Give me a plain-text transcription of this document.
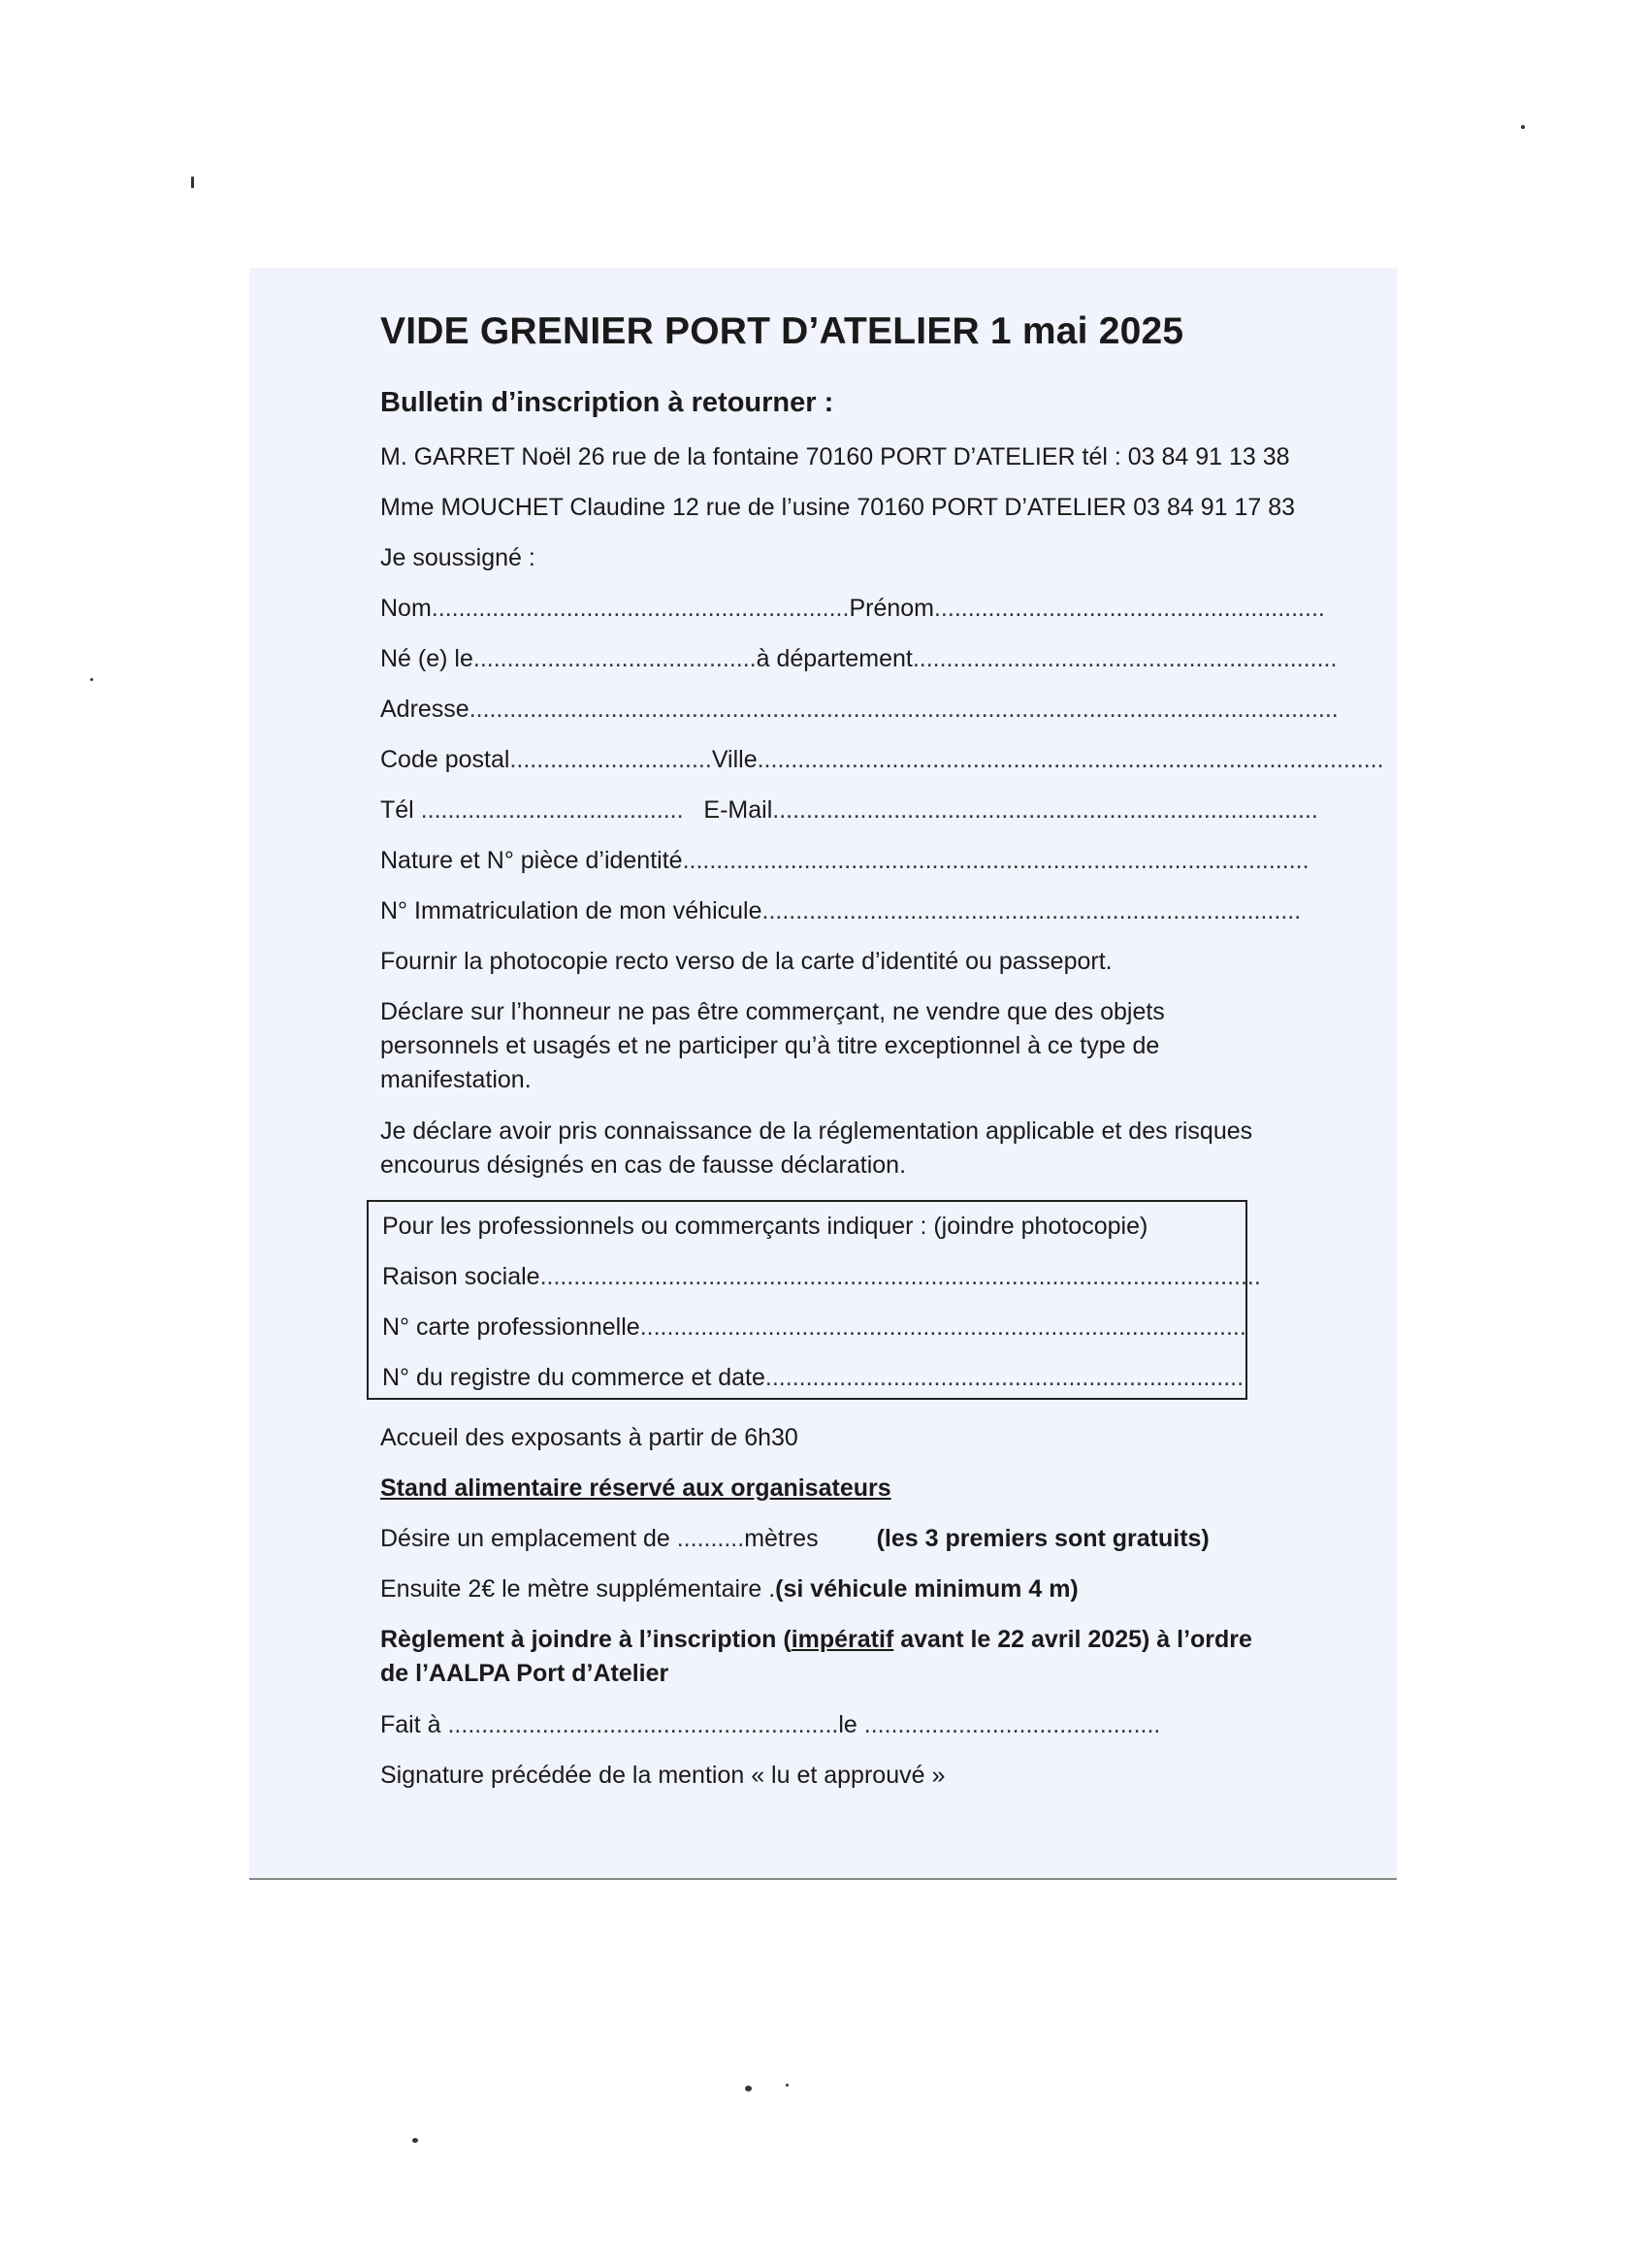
VIDE GRENIER PORT D’ATELIER 1 mai 2025
Bulletin d’inscription à retourner :
M. GARRET Noël 26 rue de la fontaine 70160 PORT D’ATELIER tél : 03 84 91 13 38
Mme MOUCHET Claudine 12 rue de l’usine 70160 PORT D’ATELIER 03 84 91 17 83
Je soussigné :
Nom..............................................................Prénom..........................................................
Né (e) le..........................................à département...............................................................
Adresse.................................................................................................................................
Code postal..............................Ville.............................................................................................
Tél ....................................... E-Mail.................................................................................
Nature et N° pièce d’identité.............................................................................................
N° Immatriculation de mon véhicule................................................................................
Fournir la photocopie recto verso de la carte d’identité ou passeport.
Déclare sur l’honneur ne pas être commerçant, ne vendre que des objets personnels et usagés et ne participer qu’à titre exceptionnel à ce type de manifestation.
Je déclare avoir pris connaissance de la réglementation applicable et des risques encourus désignés en cas de fausse déclaration.
Pour les professionnels ou commerçants indiquer : (joindre photocopie)
Raison sociale...........................................................................................................
N° carte professionnelle..........................................................................................
N° du registre du commerce et date.......................................................................
Accueil des exposants à partir de 6h30
Stand alimentaire réservé aux organisateurs
Désire un emplacement de ..........mètres (les 3 premiers sont gratuits)
Ensuite 2€ le mètre supplémentaire .(si véhicule minimum 4 m)
Règlement à joindre à l’inscription (impératif avant le 22 avril 2025) à l’ordre de l’AALPA Port d’Atelier
Fait à ..........................................................le ............................................
Signature précédée de la mention « lu et approuvé »
